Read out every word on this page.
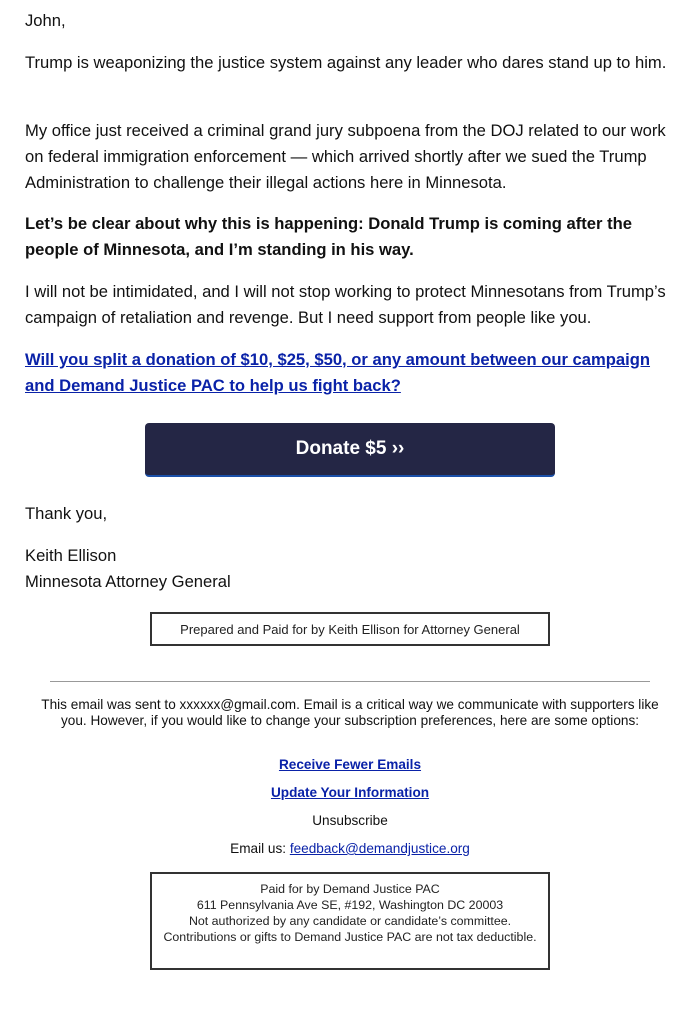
John,

Trump is weaponizing the justice system against any leader who dares stand up to him.

My office just received a criminal grand jury subpoena from the DOJ related to our work on federal immigration enforcement — which arrived shortly after we sued the Trump Administration to challenge their illegal actions here in Minnesota.

Let’s be clear about why this is happening: Donald Trump is coming after the people of Minnesota, and I’m standing in his way.

I will not be intimidated, and I will not stop working to protect Minnesotans from Trump’s campaign of retaliation and revenge. But I need support from people like you.

Will you split a donation of $10, $25, $50, or any amount between our campaign and Demand Justice PAC to help us fight back?

Donate $5 ››

Thank you,

Keith Ellison

Minnesota Attorney General

Prepared and Paid for by Keith Ellison for Attorney General
This email was sent to xxxxxx@gmail.com. Email is a critical way we communicate with supporters like you. However, if you would like to change your subscription preferences, here are some options:
Receive Fewer Emails
Update Your Information
Unsubscribe
Email us: feedback@demandjustice.org
Paid for by Demand Justice PAC
611 Pennsylvania Ave SE, #192, Washington DC 20003
Not authorized by any candidate or candidate’s committee.
Contributions or gifts to Demand Justice PAC are not tax deductible.
